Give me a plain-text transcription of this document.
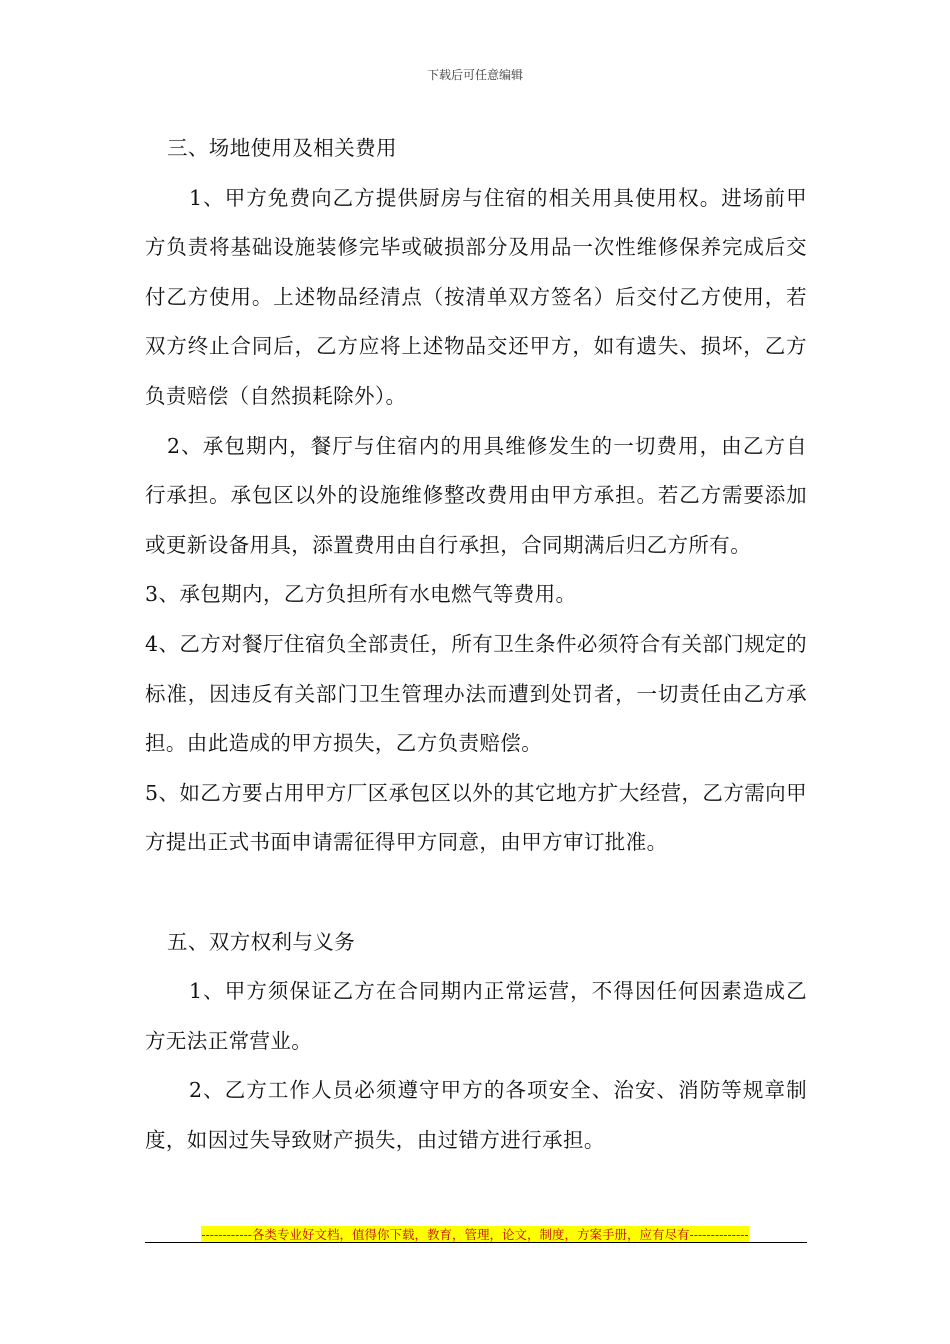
下载后可任意编辑

三、场地使用及相关费用

1、甲方免费向乙方提供厨房与住宿的相关用具使用权。进场前甲方负责将基础设施装修完毕或破损部分及用品一次性维修保养完成后交付乙方使用。上述物品经清点（按清单双方签名）后交付乙方使用，若双方终止合同后，乙方应将上述物品交还甲方，如有遗失、损坏，乙方负责赔偿（自然损耗除外）。

2、承包期内，餐厅与住宿内的用具维修发生的一切费用，由乙方自行承担。承包区以外的设施维修整改费用由甲方承担。若乙方需要添加或更新设备用具，添置费用由自行承担，合同期满后归乙方所有。

3、承包期内，乙方负担所有水电燃气等费用。

4、乙方对餐厅住宿负全部责任，所有卫生条件必须符合有关部门规定的标准，因违反有关部门卫生管理办法而遭到处罚者，一切责任由乙方承担。由此造成的甲方损失，乙方负责赔偿。

5、如乙方要占用甲方厂区承包区以外的其它地方扩大经营，乙方需向甲方提出正式书面申请需征得甲方同意，由甲方审订批准。

五、双方权利与义务

1、甲方须保证乙方在合同期内正常运营，不得因任何因素造成乙方无法正常营业。

2、乙方工作人员必须遵守甲方的各项安全、治安、消防等规章制度，如因过失导致财产损失，由过错方进行承担。

------------各类专业好文档，值得你下载，教育，管理，论文，制度，方案手册，应有尽有--------------
